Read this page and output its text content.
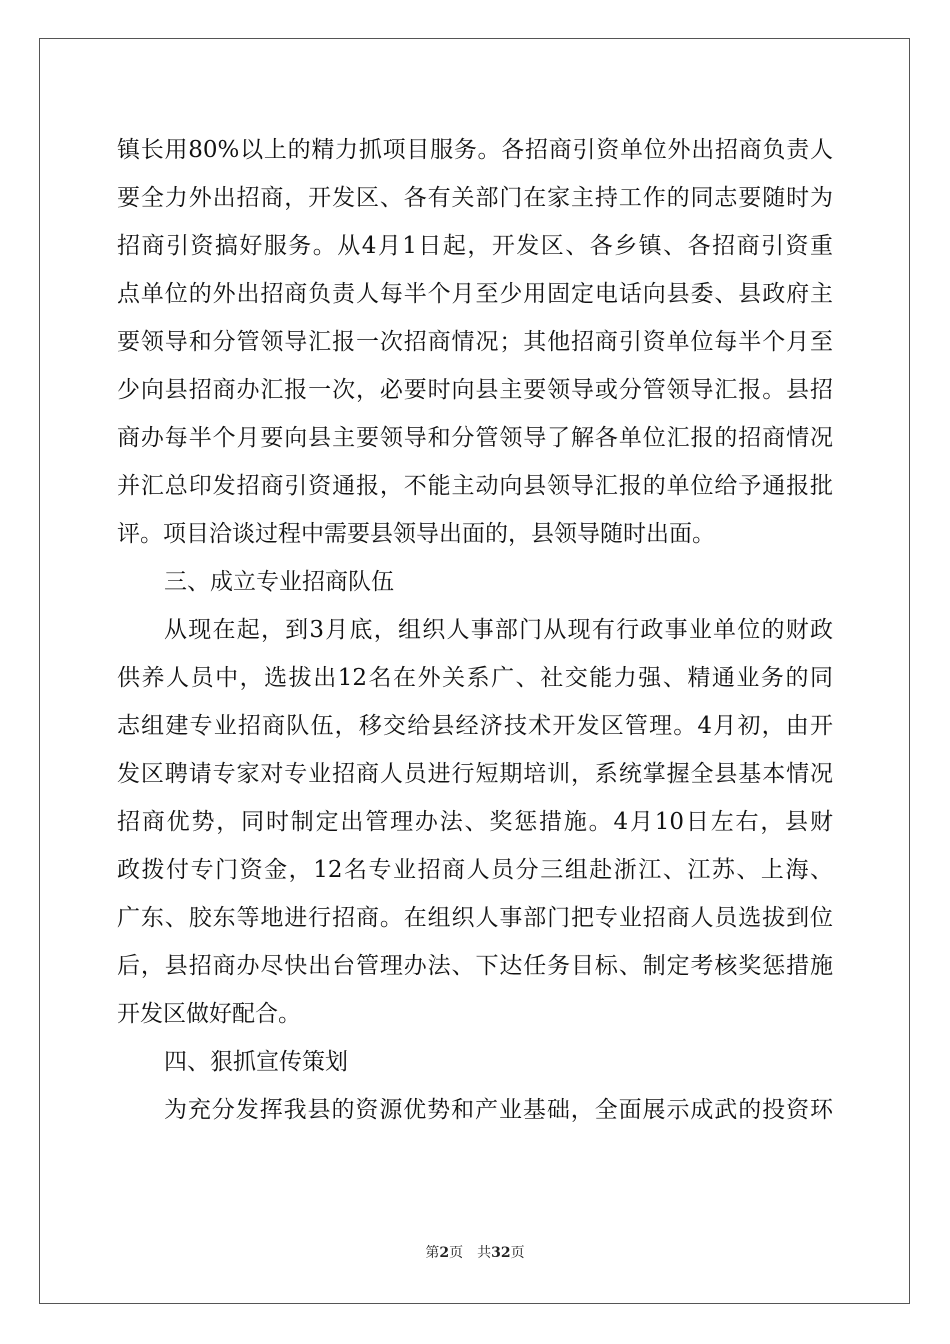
镇长用80%以上的精力抓项目服务。各招商引资单位外出招商负责人

要全力外出招商，开发区、各有关部门在家主持工作的同志要随时为

招商引资搞好服务。从4月1日起，开发区、各乡镇、各招商引资重

点单位的外出招商负责人每半个月至少用固定电话向县委、县政府主

要领导和分管领导汇报一次招商情况；其他招商引资单位每半个月至

少向县招商办汇报一次，必要时向县主要领导或分管领导汇报。县招

商办每半个月要向县主要领导和分管领导了解各单位汇报的招商情况

并汇总印发招商引资通报，不能主动向县领导汇报的单位给予通报批

评。项目洽谈过程中需要县领导出面的，县领导随时出面。

三、成立专业招商队伍

从现在起，到3月底，组织人事部门从现有行政事业单位的财政

供养人员中，选拔出12名在外关系广、社交能力强、精通业务的同

志组建专业招商队伍，移交给县经济技术开发区管理。4月初，由开

发区聘请专家对专业招商人员进行短期培训，系统掌握全县基本情况

招商优势，同时制定出管理办法、奖惩措施。4月10日左右，县财

政拨付专门资金，12名专业招商人员分三组赴浙江、江苏、上海、

广东、胶东等地进行招商。在组织人事部门把专业招商人员选拔到位

后，县招商办尽快出台管理办法、下达任务目标、制定考核奖惩措施

开发区做好配合。

四、狠抓宣传策划

为充分发挥我县的资源优势和产业基础，全面展示成武的投资环

第2页 共32页
